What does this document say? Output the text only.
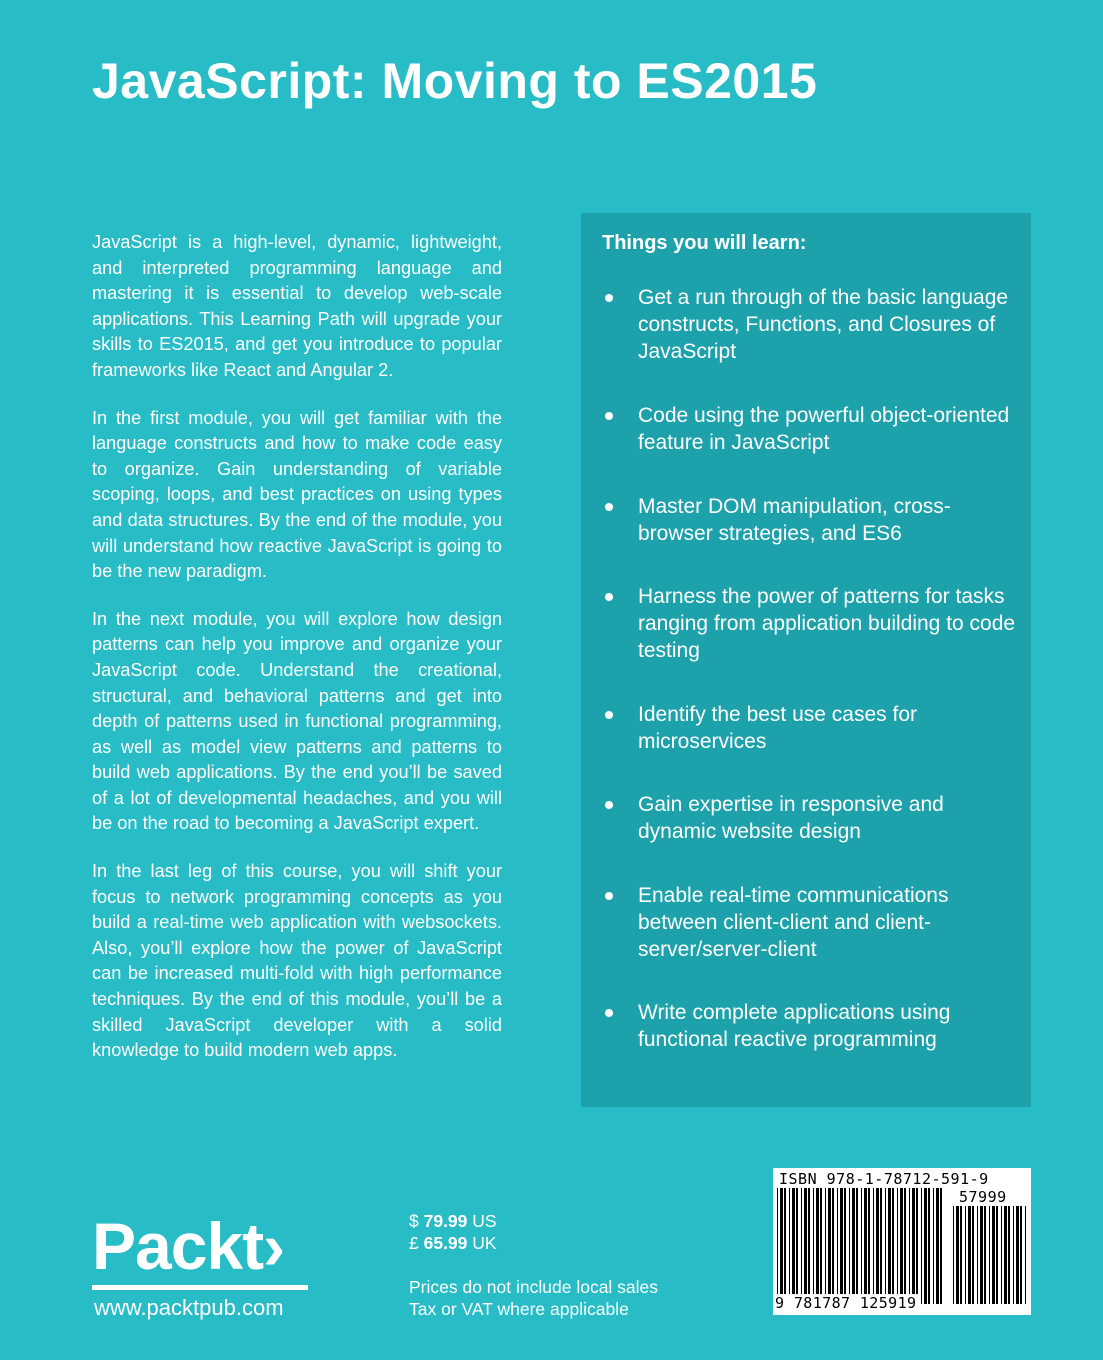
JavaScript: Moving to ES2015

JavaScript is a high-level, dynamic, lightweight, and interpreted programming language and mastering it is essential to develop web-scale applications. This Learning Path will upgrade your skills to ES2015, and get you introduce to popular frameworks like React and Angular 2.

In the first module, you will get familiar with the language constructs and how to make code easy to organize. Gain understanding of variable scoping, loops, and best practices on using types and data structures. By the end of the module, you will understand how reactive JavaScript is going to be the new paradigm.

In the next module, you will explore how design patterns can help you improve and organize your JavaScript code. Understand the creational, structural, and behavioral patterns and get into depth of patterns used in functional programming, as well as model view patterns and patterns to build web applications. By the end you’ll be saved of a lot of developmental headaches, and you will be on the road to becoming a JavaScript expert.

In the last leg of this course, you will shift your focus to network programming concepts as you build a real-time web application with websockets. Also, you’ll explore how the power of JavaScript can be increased multi-fold with high performance techniques. By the end of this module, you’ll be a skilled JavaScript developer with a solid knowledge to build modern web apps.

Things you will learn:
Get a run through of the basic language constructs, Functions, and Closures of JavaScript
Code using the powerful object-oriented feature in JavaScript
Master DOM manipulation, cross-browser strategies, and ES6
Harness the power of patterns for tasks ranging from application building to code testing
Identify the best use cases for microservices
Gain expertise in responsive and dynamic website design
Enable real-time communications between client-client and client-server/server-client
Write complete applications using functional reactive programming
Packt›
www.packtpub.com
$ 79.99 US
£ 65.99 UK
Prices do not include local sales
Tax or VAT where applicable
ISBN 978-1-78712-591-9
57999
9 781787 125919
